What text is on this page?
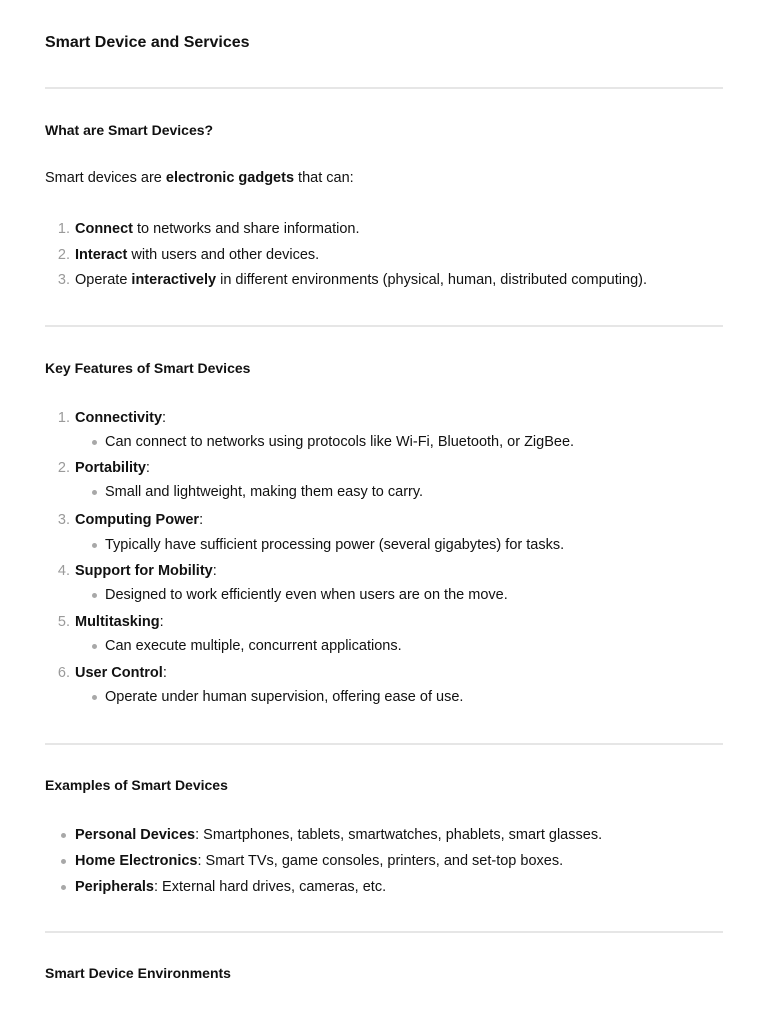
Smart Device and Services
What are Smart Devices?

Smart devices are electronic gadgets that can:

1. Connect to networks and share information.
2. Interact with users and other devices.
3. Operate interactively in different environments (physical, human, distributed computing).
Key Features of Smart Devices
1. Connectivity:
Can connect to networks using protocols like Wi-Fi, Bluetooth, or ZigBee.
2. Portability:
Small and lightweight, making them easy to carry.
3. Computing Power:
Typically have sufficient processing power (several gigabytes) for tasks.
4. Support for Mobility:
Designed to work efficiently even when users are on the move.
5. Multitasking:
Can execute multiple, concurrent applications.
6. User Control:
Operate under human supervision, offering ease of use.
Examples of Smart Devices
Personal Devices: Smartphones, tablets, smartwatches, phablets, smart glasses.
Home Electronics: Smart TVs, game consoles, printers, and set-top boxes.
Peripherals: External hard drives, cameras, etc.
Smart Device Environments
